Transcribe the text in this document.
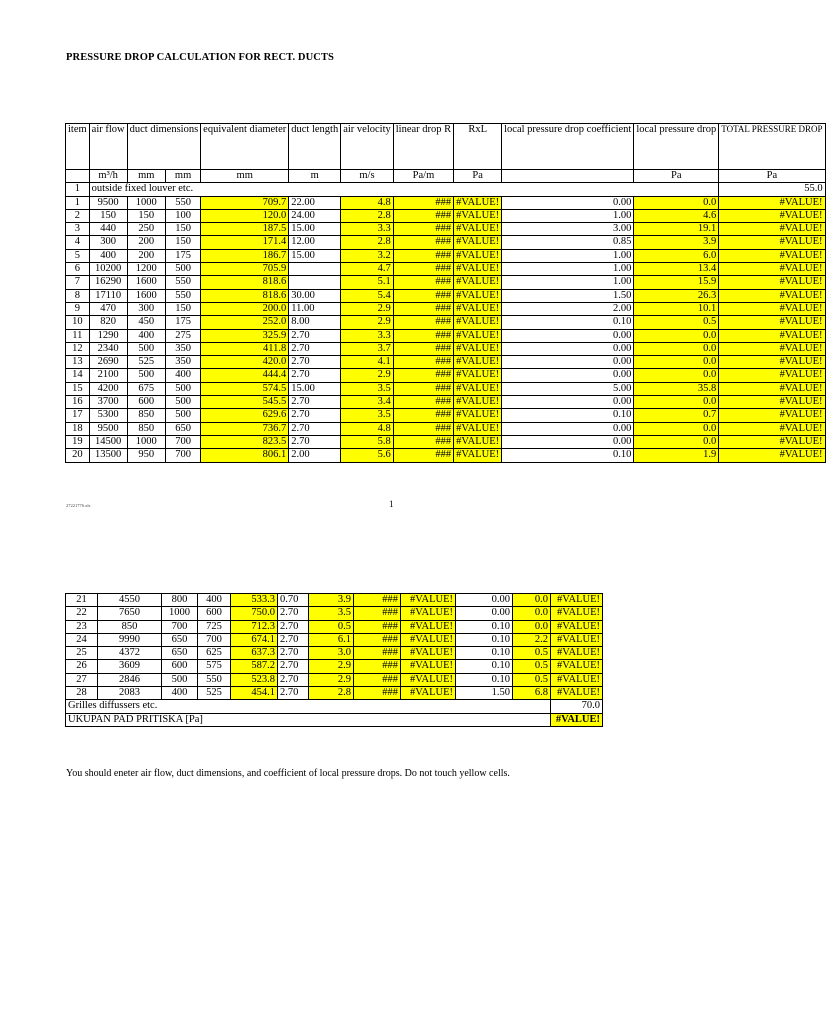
PRESSURE DROP CALCULATION FOR RECT. DUCTS
item	air flow	duct dimensions		equivalent diameter	duct length	air velocity	linear drop R	RxL	local pressure drop coefficient	local pressure drop	TOTAL PRESSURE DROP
	m³/h	mm	mm	mm	m	m/s	Pa/m	Pa		Pa	Pa
1	outside fixed louver etc.										55.0
1	9500	1000	550	709.7	22.00	4.8	###	#VALUE!	0.00	0.0	#VALUE!
2	150	150	100	120.0	24.00	2.8	###	#VALUE!	1.00	4.6	#VALUE!
3	440	250	150	187.5	15.00	3.3	###	#VALUE!	3.00	19.1	#VALUE!
4	300	200	150	171.4	12.00	2.8	###	#VALUE!	0.85	3.9	#VALUE!
5	400	200	175	186.7	15.00	3.2	###	#VALUE!	1.00	6.0	#VALUE!
6	10200	1200	500	705.9		4.7	###	#VALUE!	1.00	13.4	#VALUE!
7	16290	1600	550	818.6		5.1	###	#VALUE!	1.00	15.9	#VALUE!
8	17110	1600	550	818.6	30.00	5.4	###	#VALUE!	1.50	26.3	#VALUE!
9	470	300	150	200.0	11.00	2.9	###	#VALUE!	2.00	10.1	#VALUE!
10	820	450	175	252.0	8.00	2.9	###	#VALUE!	0.10	0.5	#VALUE!
11	1290	400	275	325.9	2.70	3.3	###	#VALUE!	0.00	0.0	#VALUE!
12	2340	500	350	411.8	2.70	3.7	###	#VALUE!	0.00	0.0	#VALUE!
13	2690	525	350	420.0	2.70	4.1	###	#VALUE!	0.00	0.0	#VALUE!
14	2100	500	400	444.4	2.70	2.9	###	#VALUE!	0.00	0.0	#VALUE!
15	4200	675	500	574.5	15.00	3.5	###	#VALUE!	5.00	35.8	#VALUE!
16	3700	600	500	545.5	2.70	3.4	###	#VALUE!	0.00	0.0	#VALUE!
17	5300	850	500	629.6	2.70	3.5	###	#VALUE!	0.10	0.7	#VALUE!
18	9500	850	650	736.7	2.70	4.8	###	#VALUE!	0.00	0.0	#VALUE!
19	14500	1000	700	823.5	2.70	5.8	###	#VALUE!	0.00	0.0	#VALUE!
20	13500	950	700	806.1	2.00	5.6	###	#VALUE!	0.10	1.9	#VALUE!
27221776.xls	1
21	4550	800	400	533.3	0.70	3.9	###	#VALUE!	0.00	0.0	#VALUE!
22	7650	1000	600	750.0	2.70	3.5	###	#VALUE!	0.00	0.0	#VALUE!
23	850	700	725	712.3	2.70	0.5	###	#VALUE!	0.10	0.0	#VALUE!
24	9990	650	700	674.1	2.70	6.1	###	#VALUE!	0.10	2.2	#VALUE!
25	4372	650	625	637.3	2.70	3.0	###	#VALUE!	0.10	0.5	#VALUE!
26	3609	600	575	587.2	2.70	2.9	###	#VALUE!	0.10	0.5	#VALUE!
27	2846	500	550	523.8	2.70	2.9	###	#VALUE!	0.10	0.5	#VALUE!
28	2083	400	525	454.1	2.70	2.8	###	#VALUE!	1.50	6.8	#VALUE!
Grilles diffussers etc.											70.0
UKUPAN PAD PRITISKA [Pa]											#VALUE!
You should eneter air flow, duct dimensions, and coefficient of local pressure drops. Do not touch yellow cells.
